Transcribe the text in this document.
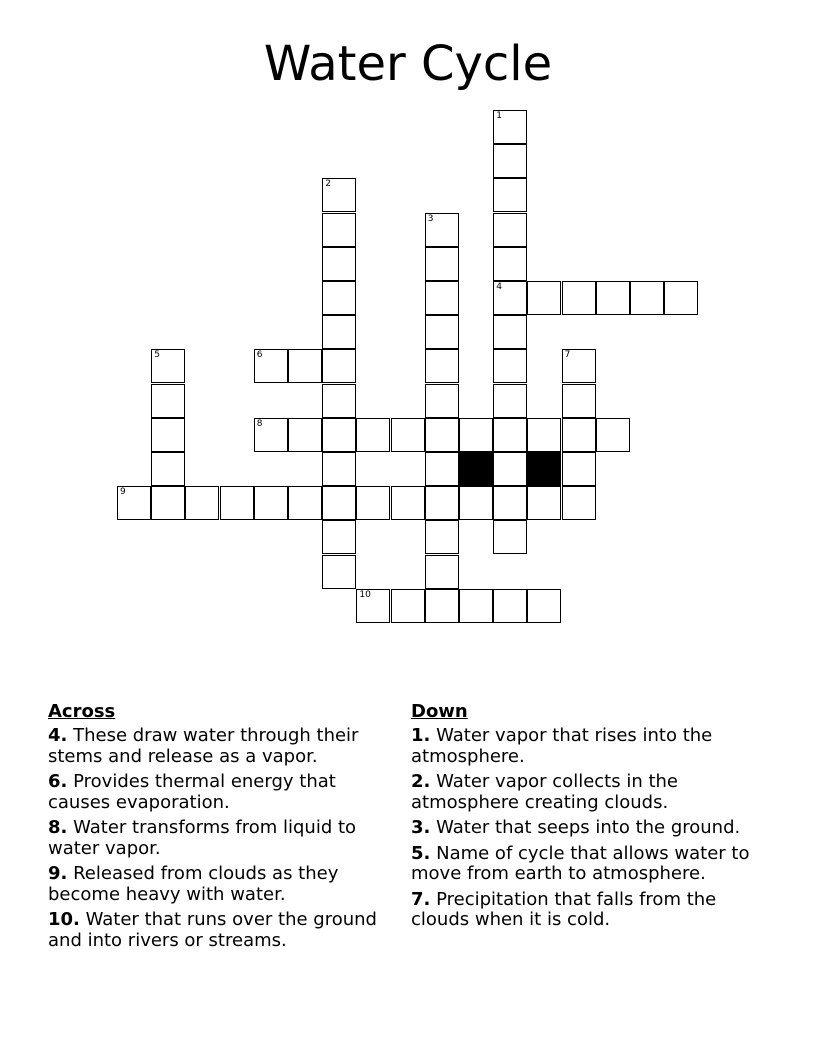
Water Cycle
1
4
2
3
5	6	7
8
9
10
Across
4. These draw water through their stems and release as a vapor.
6. Provides thermal energy that causes evaporation.
8. Water transforms from liquid to water vapor.
9. Released from clouds as they become heavy with water.
10. Water that runs over the ground and into rivers or streams.
Down
1. Water vapor that rises into the atmosphere.
2. Water vapor collects in the atmosphere creating clouds.
3. Water that seeps into the ground.
5. Name of cycle that allows water to move from earth to atmosphere.
7. Precipitation that falls from the clouds when it is cold.
